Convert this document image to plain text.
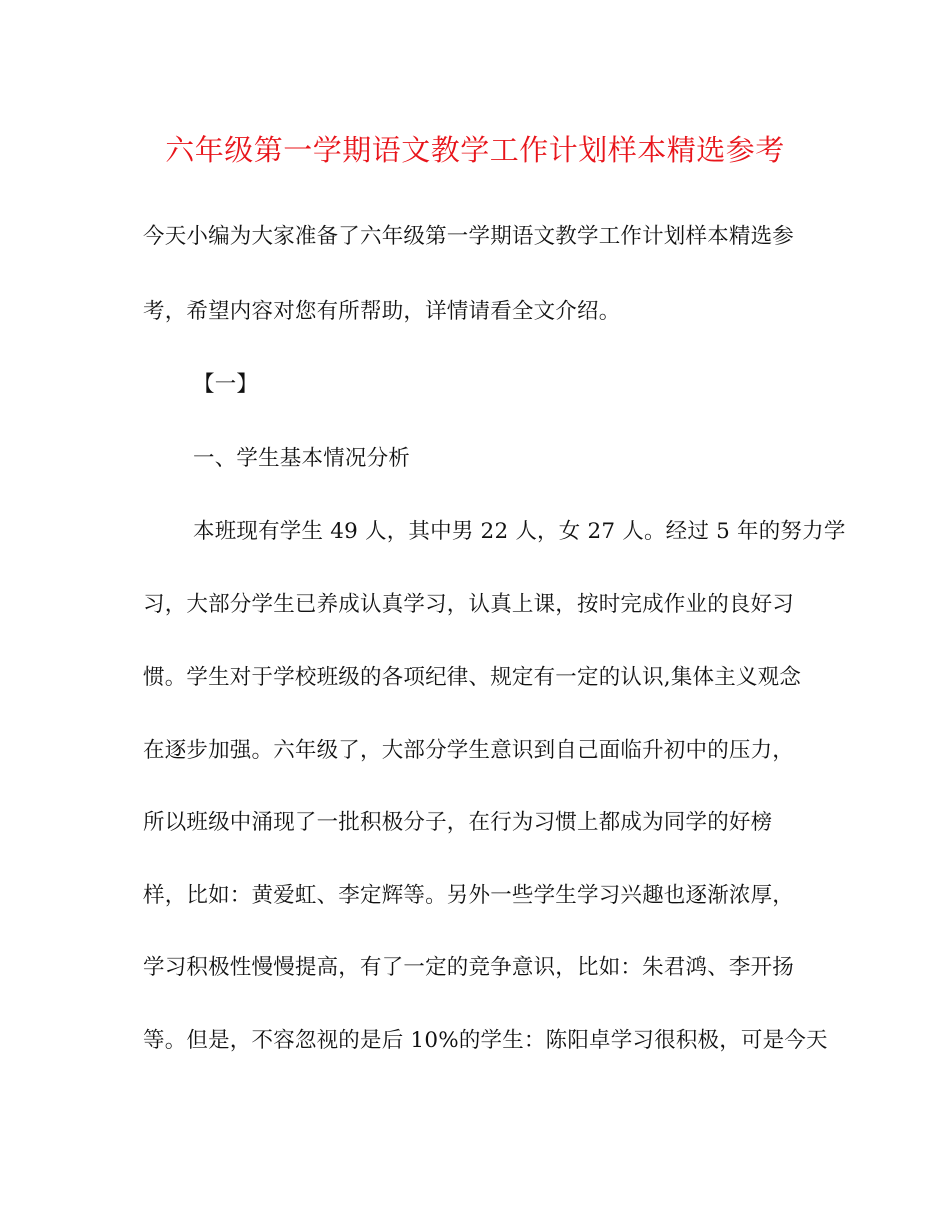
六年级第一学期语文教学工作计划样本精选参考
今天小编为大家准备了六年级第一学期语文教学工作计划样本精选参
考，希望内容对您有所帮助，详情请看全文介绍。
【一】
一、学生基本情况分析
本班现有学生 49 人，其中男 22 人，女 27 人。经过 5 年的努力学
习，大部分学生已养成认真学习，认真上课，按时完成作业的良好习
惯。学生对于学校班级的各项纪律、规定有一定的认识,集体主义观念
在逐步加强。六年级了，大部分学生意识到自己面临升初中的压力，
所以班级中涌现了一批积极分子，在行为习惯上都成为同学的好榜
样，比如：黄爱虹、李定辉等。另外一些学生学习兴趣也逐渐浓厚，
学习积极性慢慢提高，有了一定的竞争意识，比如：朱君鸿、李开扬
等。但是，不容忽视的是后 10%的学生：陈阳卓学习很积极，可是今天
